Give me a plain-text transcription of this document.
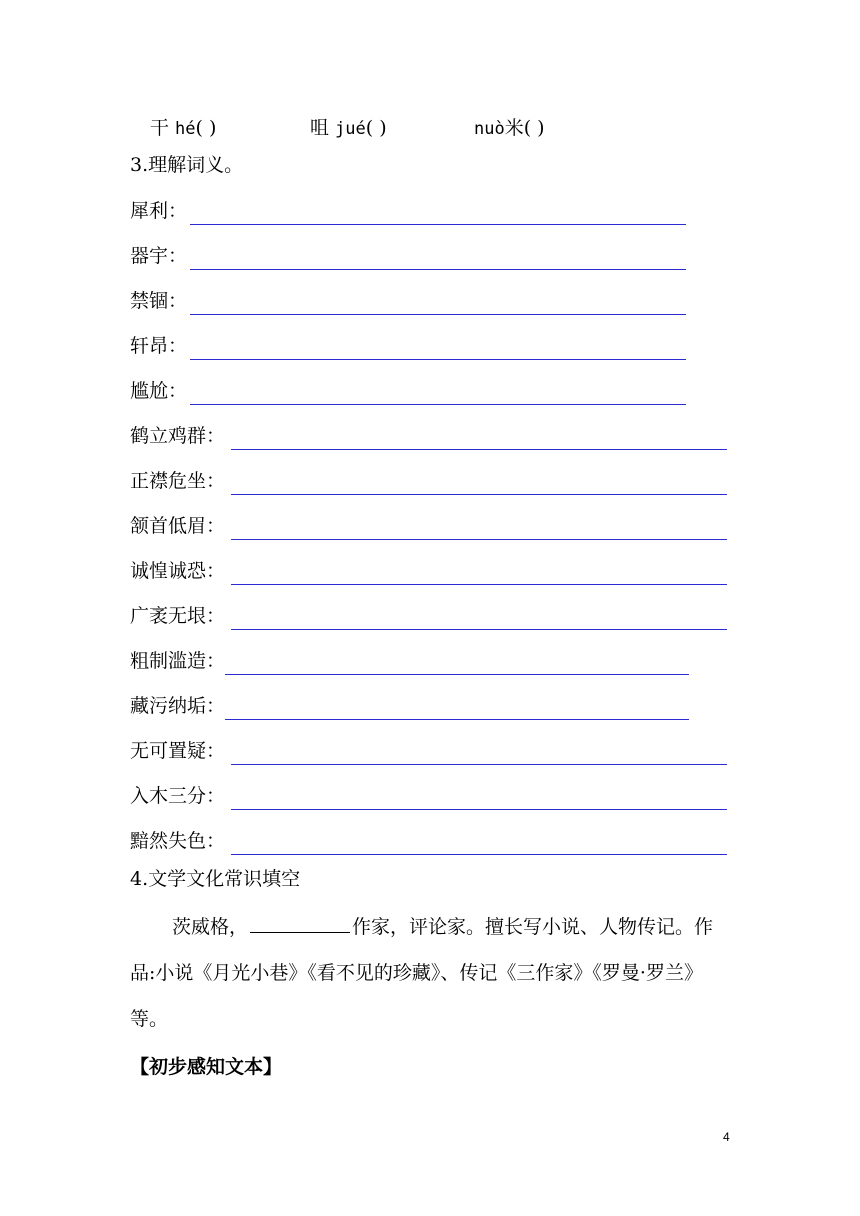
干 hé( )	咀 jué( )	nuò米( )
3.理解词义。
犀利：
器宇：
禁锢：
轩昂：
尴尬：
鹤立鸡群：
正襟危坐：
颔首低眉：
诚惶诚恐：
广袤无垠：
粗制滥造：
藏污纳垢：
无可置疑：
入木三分：
黯然失色：
4.文学文化常识填空
茨威格，	作家，评论家。擅长写小说、人物传记。作品:小说《月光小巷》《看不见的珍藏》、传记《三作家》《罗曼·罗兰》等。
【初步感知文本】
4
